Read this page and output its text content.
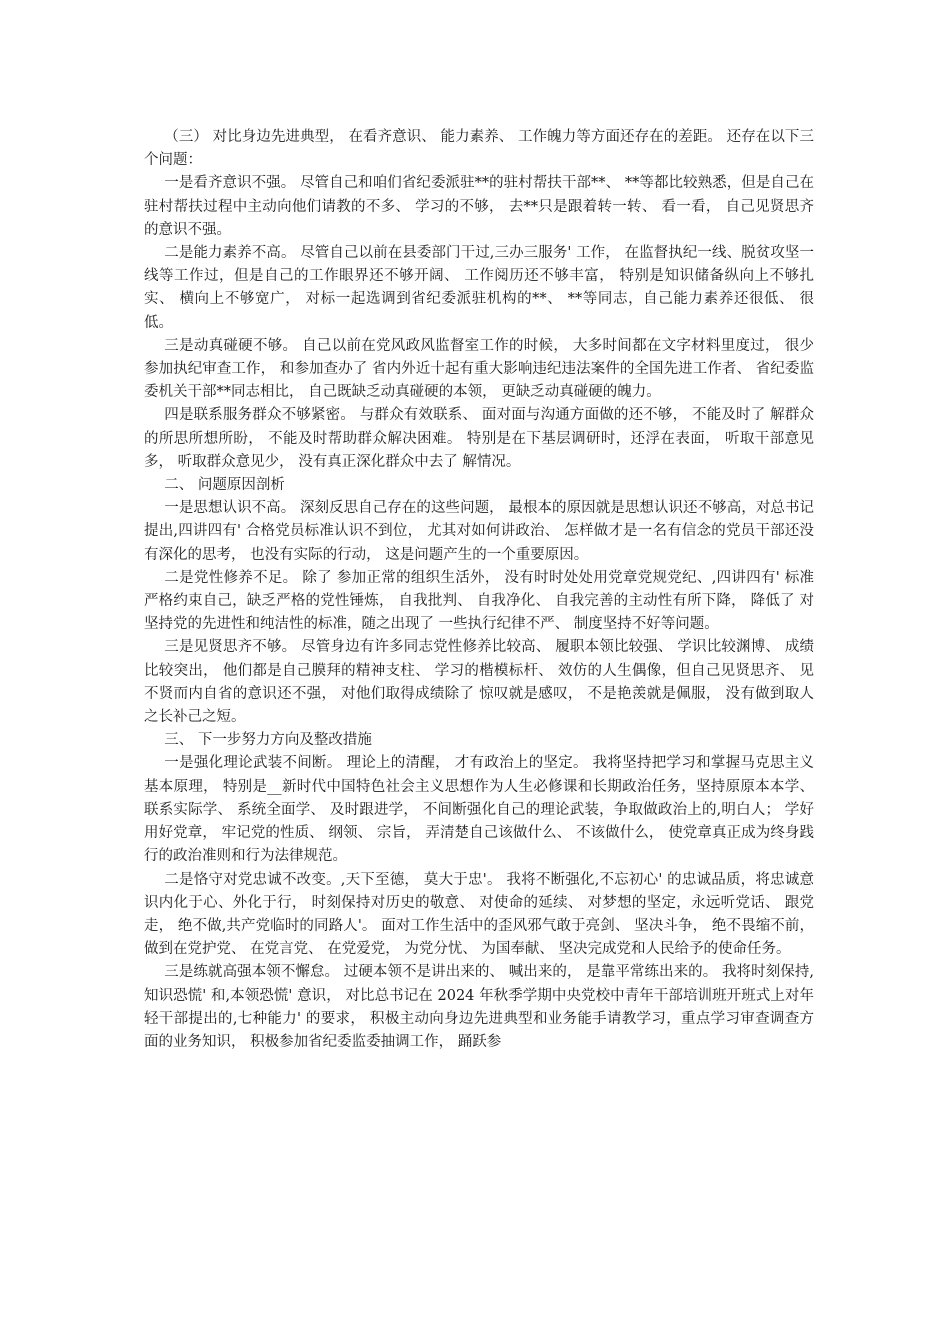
（三） 对比身边先进典型， 在看齐意识、 能力素养、 工作魄力等方面还存在的差距。 还存在以下三个问题：

一是看齐意识不强。 尽管自己和咱们省纪委派驻**的驻村帮扶干部**、 **等都比较熟悉，但是自己在驻村帮扶过程中主动向他们请教的不多、 学习的不够， 去**只是跟着转一转、 看一看， 自己见贤思齐的意识不强。

二是能力素养不高。 尽管自己以前在县委部门干过,三办三服务' 工作， 在监督执纪一线、脱贫攻坚一线等工作过，但是自己的工作眼界还不够开阔、 工作阅历还不够丰富， 特别是知识储备纵向上不够扎实、 横向上不够宽广， 对标一起选调到省纪委派驻机构的**、 **等同志，自己能力素养还很低、 很低。

三是动真碰硬不够。 自己以前在党风政风监督室工作的时候， 大多时间都在文字材料里度过， 很少参加执纪审查工作， 和参加查办了 省内外近十起有重大影响违纪违法案件的全国先进工作者、 省纪委监委机关干部**同志相比， 自己既缺乏动真碰硬的本领， 更缺乏动真碰硬的魄力。

四是联系服务群众不够紧密。 与群众有效联系、 面对面与沟通方面做的还不够， 不能及时了 解群众的所思所想所盼， 不能及时帮助群众解决困难。 特别是在下基层调研时，还浮在表面， 听取干部意见多， 听取群众意见少， 没有真正深化群众中去了 解情况。

二、 问题原因剖析

一是思想认识不高。 深刻反思自己存在的这些问题， 最根本的原因就是思想认识还不够高，对总书记提出,四讲四有' 合格党员标准认识不到位， 尤其对如何讲政治、 怎样做才是一名有信念的党员干部还没有深化的思考， 也没有实际的行动， 这是问题产生的一个重要原因。

二是党性修养不足。 除了 参加正常的组织生活外， 没有时时处处用党章党规党纪、,四讲四有' 标准严格约束自己，缺乏严格的党性锤炼， 自我批判、 自我净化、 自我完善的主动性有所下降， 降低了 对坚持党的先进性和纯洁性的标准，随之出现了 一些执行纪律不严、 制度坚持不好等问题。

三是见贤思齐不够。 尽管身边有许多同志党性修养比较高、 履职本领比较强、 学识比较渊博、 成绩比较突出， 他们都是自己膜拜的精神支柱、 学习的楷模标杆、 效仿的人生偶像，但自己见贤思齐、 见不贤而内自省的意识还不强， 对他们取得成绩除了 惊叹就是感叹， 不是艳羡就是佩服， 没有做到取人之长补己之短。

三、 下一步努力方向及整改措施

一是强化理论武装不间断。 理论上的清醒， 才有政治上的坚定。 我将坚持把学习和掌握马克思主义基本原理， 特别是__新时代中国特色社会主义思想作为人生必修课和长期政治任务，坚持原原本本学、 联系实际学、 系统全面学、 及时跟进学， 不间断强化自己的理论武装，争取做政治上的,明白人； 学好用好党章， 牢记党的性质、 纲领、 宗旨， 弄清楚自己该做什么、 不该做什么， 使党章真正成为终身践行的政治准则和行为法律规范。

二是恪守对党忠诚不改变。,天下至德， 莫大于忠'。 我将不断强化,不忘初心' 的忠诚品质，将忠诚意识内化于心、外化于行， 时刻保持对历史的敬意、 对使命的延续、 对梦想的坚定，永远听党话、 跟党走， 绝不做,共产党临时的同路人'。 面对工作生活中的歪风邪气敢于亮剑、 坚决斗争， 绝不畏缩不前， 做到在党护党、 在党言党、 在党爱党， 为党分忧、 为国奉献、 坚决完成党和人民给予的使命任务。

三是练就高强本领不懈怠。 过硬本领不是讲出来的、 喊出来的， 是靠平常练出来的。 我将时刻保持,知识恐慌' 和,本领恐慌' 意识， 对比总书记在 2024 年秋季学期中央党校中青年干部培训班开班式上对年轻干部提出的,七种能力' 的要求， 积极主动向身边先进典型和业务能手请教学习，重点学习审查调查方面的业务知识， 积极参加省纪委监委抽调工作， 踊跃参
